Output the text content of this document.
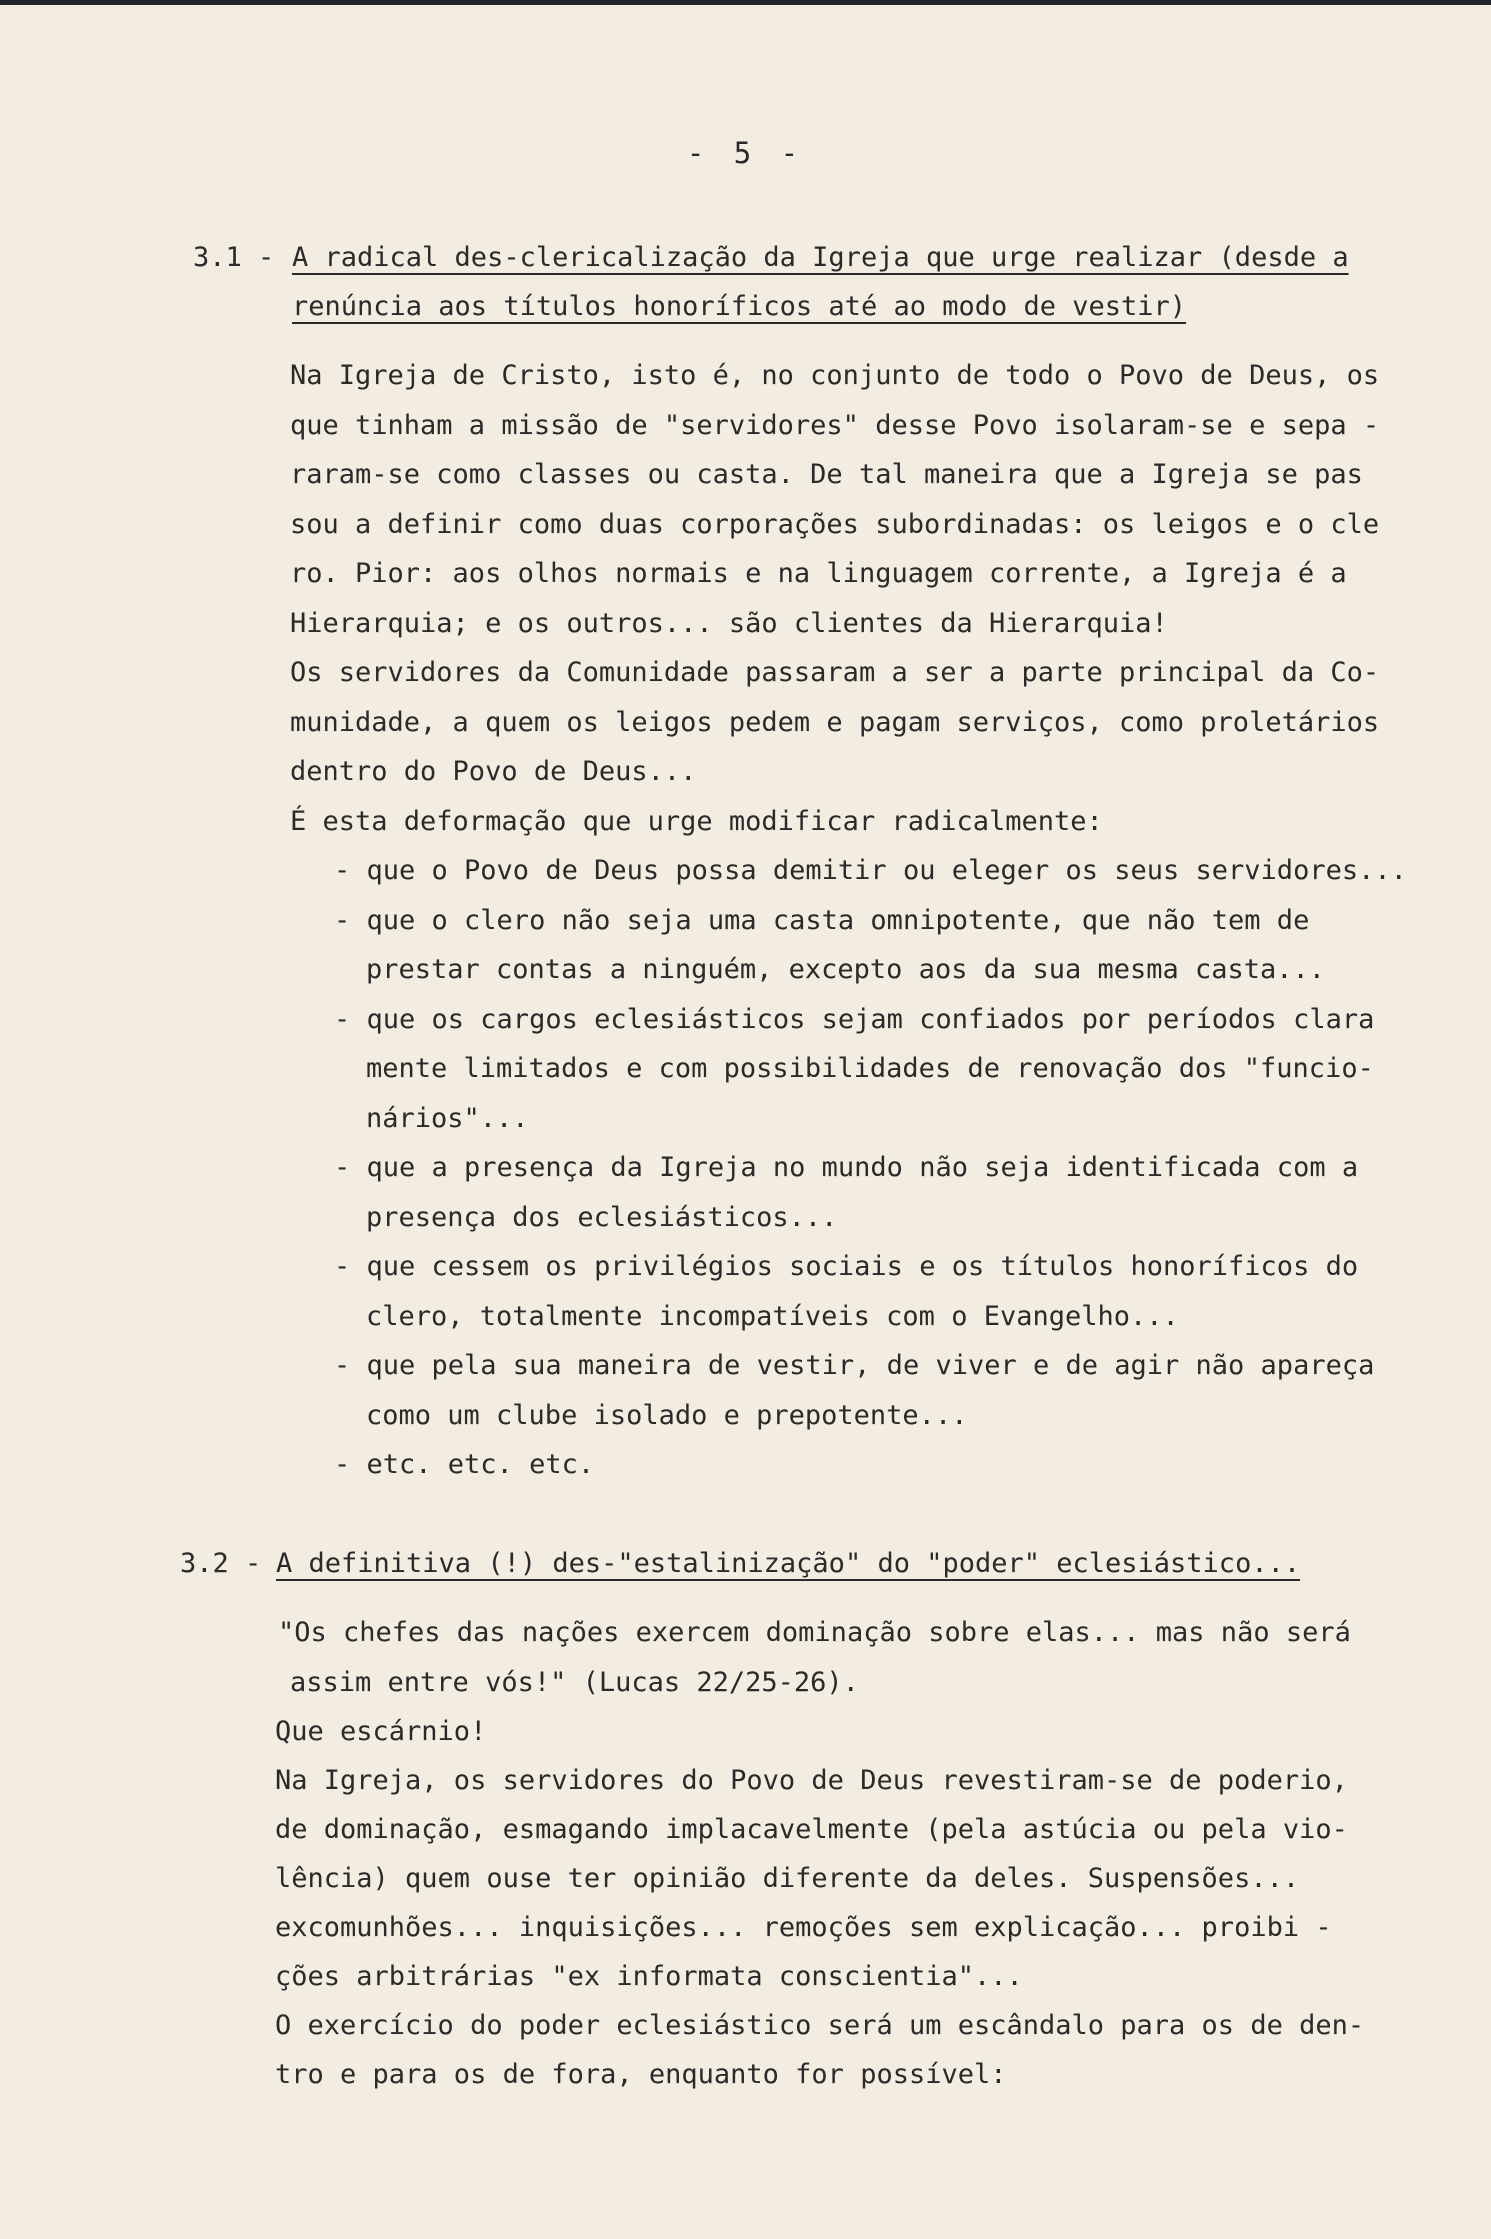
- 5 -
3.1 - A radical des-clericalização da Igreja que urge realizar (desde a
renúncia aos títulos honoríficos até ao modo de vestir)
Na Igreja de Cristo, isto é, no conjunto de todo o Povo de Deus, os
que tinham a missão de "servidores" desse Povo isolaram-se e sepa -
raram-se como classes ou casta. De tal maneira que a Igreja se pas
sou a definir como duas corporações subordinadas: os leigos e o cle
ro. Pior: aos olhos normais e na linguagem corrente, a Igreja é a
Hierarquia; e os outros... são clientes da Hierarquia!
Os servidores da Comunidade passaram a ser a parte principal da Co-
munidade, a quem os leigos pedem e pagam serviços, como proletários
dentro do Povo de Deus...
É esta deformação que urge modificar radicalmente:
- que o Povo de Deus possa demitir ou eleger os seus servidores...
- que o clero não seja uma casta omnipotente, que não tem de
prestar contas a ninguém, excepto aos da sua mesma casta...
- que os cargos eclesiásticos sejam confiados por períodos clara
mente limitados e com possibilidades de renovação dos "funcio-
nários"...
- que a presença da Igreja no mundo não seja identificada com a
presença dos eclesiásticos...
- que cessem os privilégios sociais e os títulos honoríficos do
clero, totalmente incompatíveis com o Evangelho...
- que pela sua maneira de vestir, de viver e de agir não apareça
como um clube isolado e prepotente...
- etc. etc. etc.
3.2 - A definitiva (!) des-"estalinização" do "poder" eclesiástico...
"Os chefes das nações exercem dominação sobre elas... mas não será
assim entre vós!" (Lucas 22/25-26).
Que escárnio!
Na Igreja, os servidores do Povo de Deus revestiram-se de poderio,
de dominação, esmagando implacavelmente (pela astúcia ou pela vio-
lência) quem ouse ter opinião diferente da deles. Suspensões...
excomunhões... inquisições... remoções sem explicação... proibi -
ções arbitrárias "ex informata conscientia"...
O exercício do poder eclesiástico será um escândalo para os de den-
tro e para os de fora, enquanto for possível:
